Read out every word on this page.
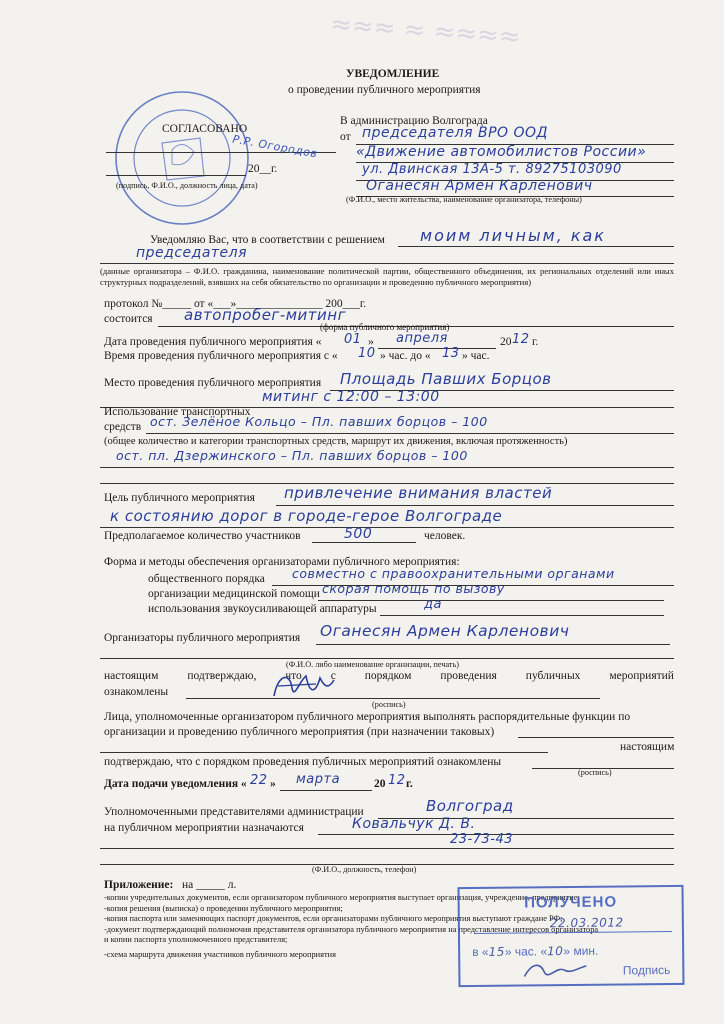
≈≈≈ ≈ ≈≈≈≈
УВЕДОМЛЕНИЕ
о проведении публичного мероприятия
СОГЛАСОВАНО
Р.Р. Огородов
20__г.
(подпись, Ф.И.О., должность лица, дата)
В администрацию Волгограда
от председателя ВРО ООД
«Движение автомобилистов России»
ул. Двинская 13А-5 т. 89275103090
Оганесян Армен Карленович
(Ф.И.О., место жительства, наименование организатора, телефоны)
Уведомляю Вас, что в соответствии с решением моим личным, как
председателя
(данные организатора – Ф.И.О. гражданина, наименование политической партии, общественного объединения, их региональных отделений или иных структурных подразделений, взявших на себя обязательство по организации и проведению публичного мероприятия)
протокол №_____ от «___»_______________ 200___г.
состоится автопробег-митинг
(форма публичного мероприятия)
Дата проведения публичного мероприятия « 01 » апреля	20 12 г.
Время проведения публичного мероприятия с « 10 » час. до « 13 » час.
Место проведения публичного мероприятия Площадь Павших Борцов
митинг с 12:00 – 13:00
Использование транспортных
средств ост. Зелёное Кольцо – Пл. павших борцов – 100
(общее количество и категории транспортных средств, маршрут их движения, включая протяженность)
ост. пл. Дзержинского – Пл. павших борцов – 100
Цель публичного мероприятия привлечение внимания властей
к состоянию дорог в городе-герое Волгограде
Предполагаемое количество участников	500	человек.
Форма и методы обеспечения организаторами публичного мероприятия:
общественного порядка совместно с правоохранительными органами
организации медицинской помощи скорая помощь по вызову
использования звукоусиливающей аппаратуры	да
Организаторы публичного мероприятия Оганесян Армен Карленович
(Ф.И.О. либо наименование организации, печать)
настоящим	подтверждаю,	что	с	порядком	проведения	публичных	мероприятий
ознакомлены
(роспись)
Лица, уполномоченные организатором публичного мероприятия выполнять распорядительные функции по
организации и проведению публичного мероприятия (при назначении таковых)
настоящим
подтверждаю, что с порядком проведения публичных мероприятий ознакомлены
(роспись)
Дата подачи уведомления « 22 » марта	20 12 г.
Уполномоченными представителями администрации	Волгоград
на публичном мероприятии назначаются	Ковальчук Д. В.
23-73-43
(Ф.И.О., должность, телефон)
Приложение: на _____ л.
-копии учредительных документов, если организатором публичного мероприятия выступает организация, учреждение, предприятие;
-копия решения (выписка) о проведении публичного мероприятия;
-копия паспорта или заменяющих паспорт документов, если организаторами публичного мероприятия выступают граждане РФ;
-документ подтверждающий полномочия представителя организатора публичного мероприятия на представление интересов организатора
и копии паспорта уполномоченного представителя;
-схема маршрута движения участников публичного мероприятия
ПОЛУЧЕНО
22.03.2012
в «15» час. «10» мин.
Подпись
